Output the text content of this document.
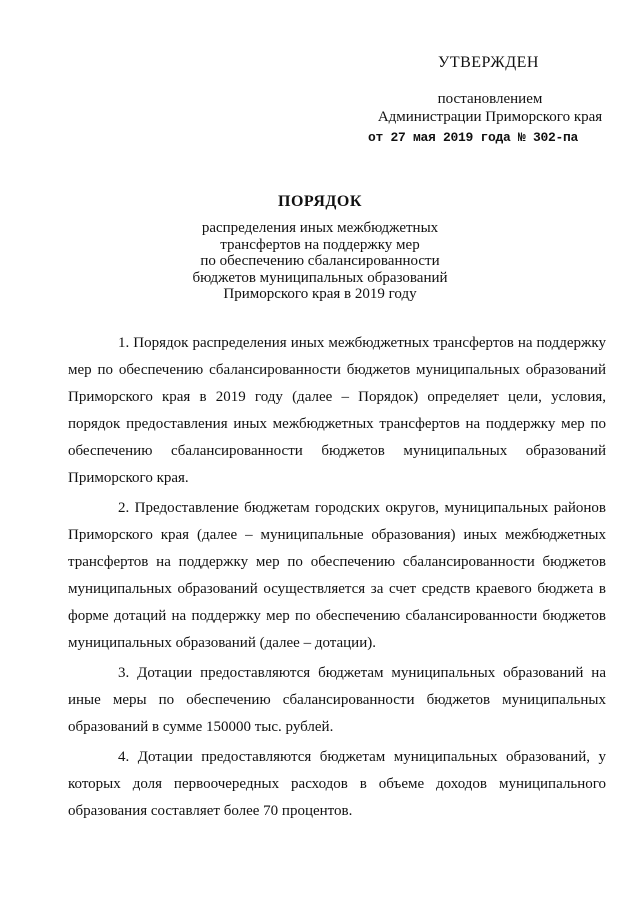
УТВЕРЖДЕН
постановлением
Администрации Приморского края
от 27 мая 2019 года № 302-па
ПОРЯДОК
распределения иных межбюджетных
трансфертов на поддержку мер
по обеспечению сбалансированности
бюджетов муниципальных образований
Приморского края в 2019 году

1. Порядок распределения иных межбюджетных трансфертов на поддержку мер по обеспечению сбалансированности бюджетов муниципальных образований Приморского края в 2019 году (далее – Порядок) определяет цели, условия, порядок предоставления иных межбюджетных трансфертов на поддержку мер по обеспечению сбалансированности бюджетов муниципальных образований Приморского края.

2. Предоставление бюджетам городских округов, муниципальных районов Приморского края (далее – муниципальные образования) иных межбюджетных трансфертов на поддержку мер по обеспечению сбалансированности бюджетов муниципальных образований осуществляется за счет средств краевого бюджета в форме дотаций на поддержку мер по обеспечению сбалансированности бюджетов муниципальных образований (далее – дотации).

3. Дотации предоставляются бюджетам муниципальных образований на иные меры по обеспечению сбалансированности бюджетов муниципальных образований в сумме 150000 тыс. рублей.

4. Дотации предоставляются бюджетам муниципальных образований, у которых доля первоочередных расходов в объеме доходов муниципального образования составляет более 70 процентов.
